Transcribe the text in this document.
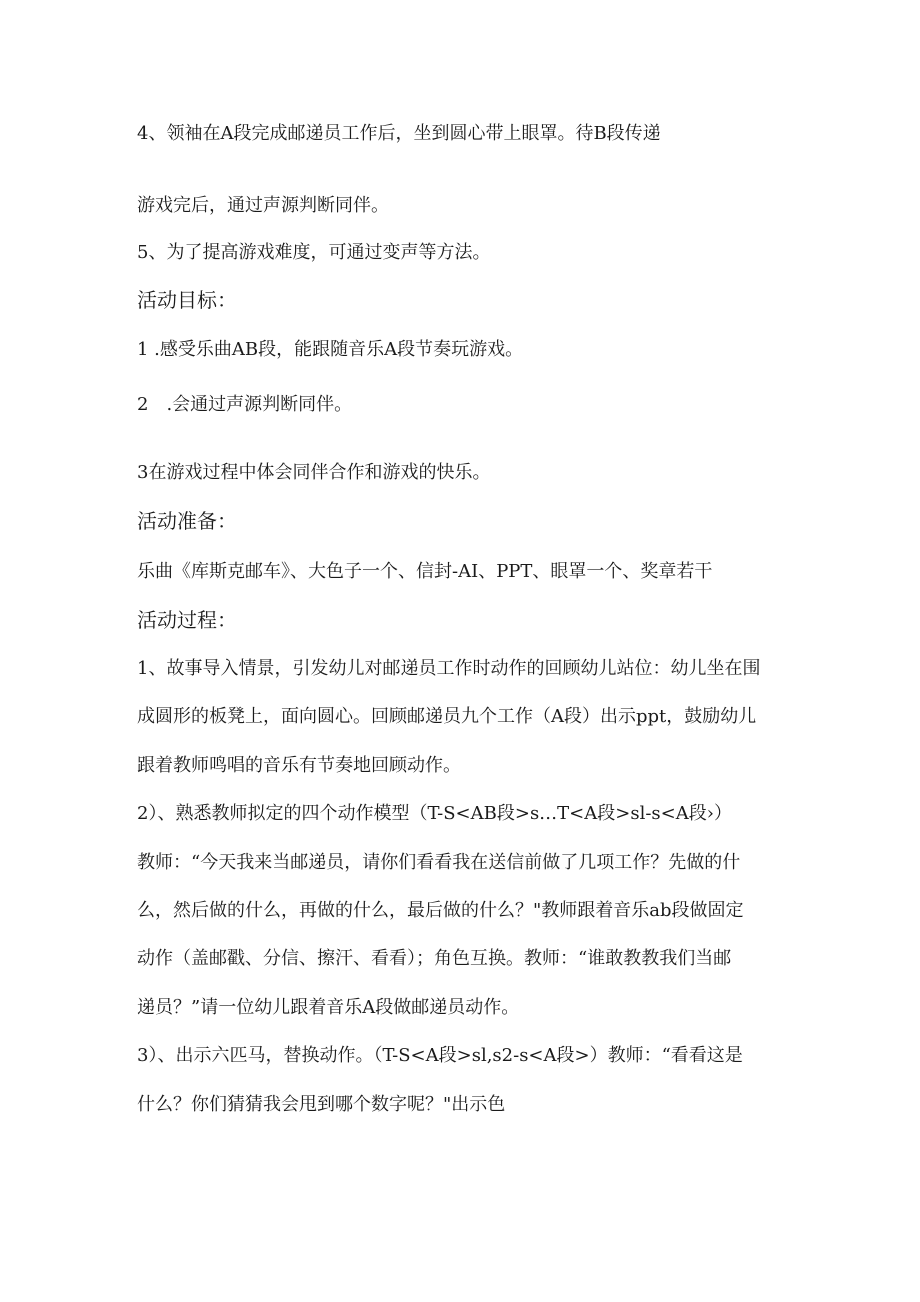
4、领袖在A段完成邮递员工作后，坐到圆心带上眼罩。待B段传递
游戏完后，通过声源判断同伴。
5、为了提高游戏难度，可通过变声等方法。
活动目标：
1 .感受乐曲AB段，能跟随音乐A段节奏玩游戏。
2　.会通过声源判断同伴。
3在游戏过程中体会同伴合作和游戏的快乐。
活动准备：
乐曲《库斯克邮车》、大色子一个、信封-AI、PPT、眼罩一个、奖章若干
活动过程：
1、故事导入情景，引发幼儿对邮递员工作时动作的回顾幼儿站位：幼儿坐在围
成圆形的板凳上，面向圆心。回顾邮递员九个工作（A段）出示ppt，鼓励幼儿
跟着教师鸣唱的音乐有节奏地回顾动作。
2）、熟悉教师拟定的四个动作模型（T-S<AB段>s…T<A段>sl-s<A段›）
教师：“今天我来当邮递员，请你们看看我在送信前做了几项工作？先做的什
么，然后做的什么，再做的什么，最后做的什么？"教师跟着音乐ab段做固定
动作（盖邮戳、分信、擦汗、看看）；角色互换。教师：“谁敢教教我们当邮
递员？”请一位幼儿跟着音乐A段做邮递员动作。
3）、出示六匹马，替换动作。（T-S<A段>sl,s2-s<A段>）教师：“看看这是
什么？你们猜猜我会甩到哪个数字呢？"出示色
